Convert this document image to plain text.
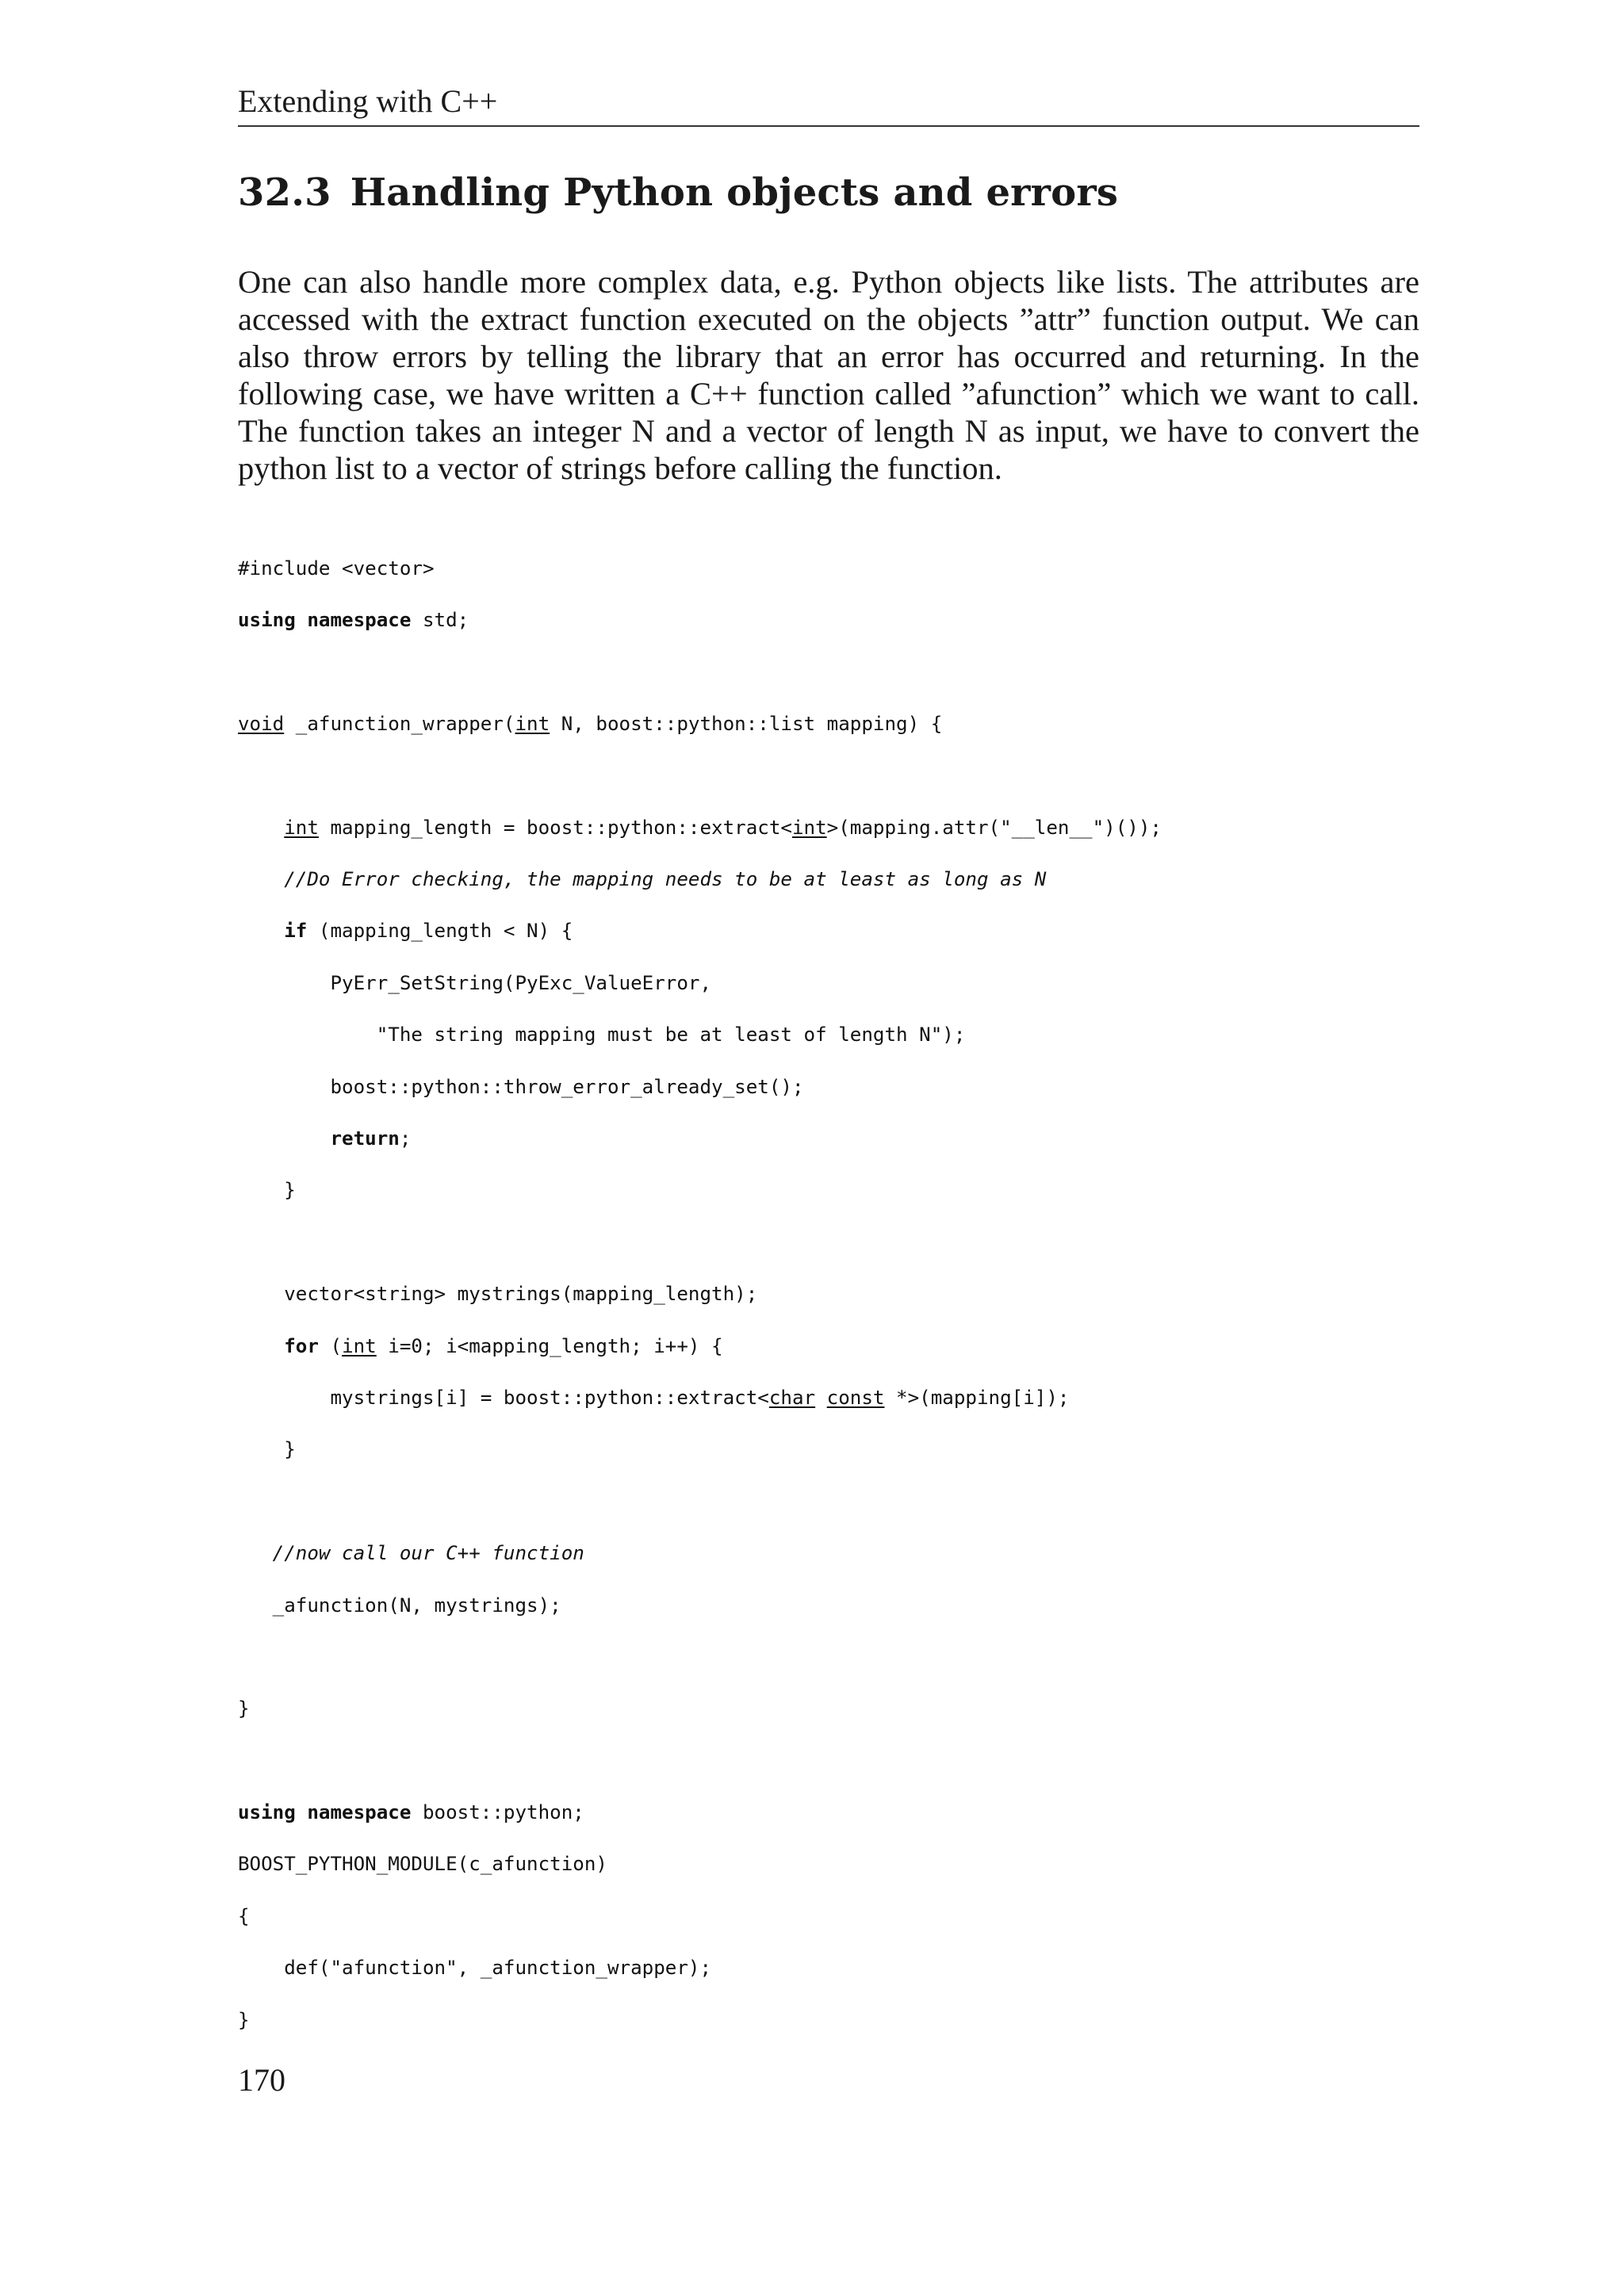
Extending with C++
32.3 Handling Python objects and errors

One can also handle more complex data, e.g. Python objects like lists. The attributes are accessed with the extract function executed on the objects ”attr” function output. We can also throw errors by telling the library that an error has occurred and returning. In the following case, we have written a C++ function called ”afunction” which we want to call. The function takes an integer N and a vector of length N as input, we have to convert the python list to a vector of strings before calling the function.

#include <vector>

using namespace std;

void _afunction_wrapper(int N, boost::python::list mapping) {

int mapping_length = boost::python::extract<int>(mapping.attr("__len__")());

//Do Error checking, the mapping needs to be at least as long as N

if (mapping_length < N) {

PyErr_SetString(PyExc_ValueError,

"The string mapping must be at least of length N");

boost::python::throw_error_already_set();

return;

}

vector<string> mystrings(mapping_length);

for (int i=0; i<mapping_length; i++) {

mystrings[i] = boost::python::extract<char const *>(mapping[i]);

}

//now call our C++ function

_afunction(N, mystrings);

}

using namespace boost::python;

BOOST_PYTHON_MODULE(c_afunction)

{

def("afunction", _afunction_wrapper);

}

170
